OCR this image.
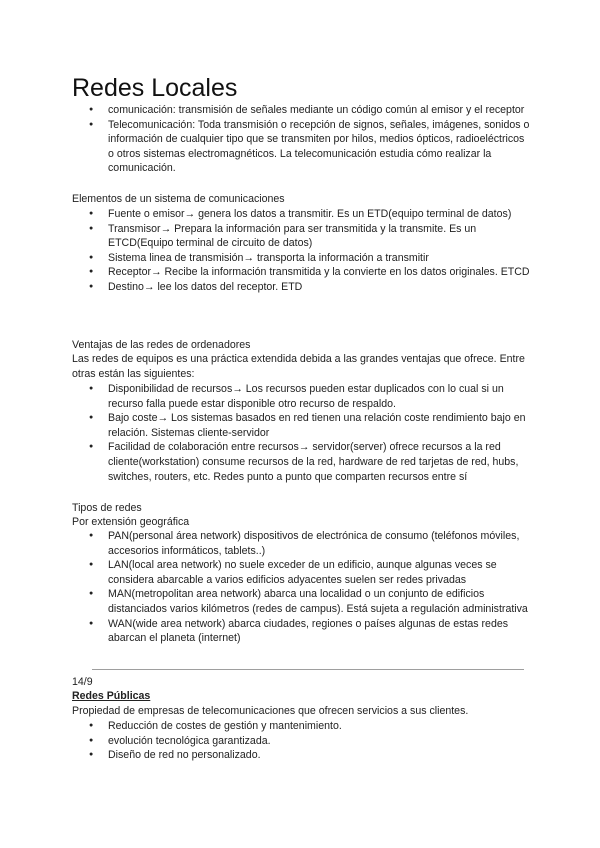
Redes Locales
● comunicación: transmisión de señales mediante un código común al emisor y el receptor
● Telecomunicación: Toda transmisión o recepción de signos, señales, imágenes, sonidos o información de cualquier tipo que se transmiten por hilos, medios ópticos, radioeléctricos o otros sistemas electromagnéticos. La telecomunicación estudia cómo realizar la comunicación.

Elementos de un sistema de comunicaciones

● Fuente o emisor→ genera los datos a transmitir. Es un ETD(equipo terminal de datos)
● Transmisor→ Prepara la información para ser transmitida y la transmite. Es un ETCD(Equipo terminal de circuito de datos)
● Sistema linea de transmisión→ transporta la información a transmitir
● Receptor→ Recibe la información transmitida y la convierte en los datos originales. ETCD
● Destino→ lee los datos del receptor. ETD

Ventajas de las redes de ordenadores

Las redes de equipos es una práctica extendida debida a las grandes ventajas que ofrece. Entre otras están las siguientes:

● Disponibilidad de recursos→ Los recursos pueden estar duplicados con lo cual si un recurso falla puede estar disponible otro recurso de respaldo.
● Bajo coste→ Los sistemas basados en red tienen una relación coste rendimiento bajo en relación. Sistemas cliente-servidor
● Facilidad de colaboración entre recursos→ servidor(server) ofrece recursos a la red cliente(workstation) consume recursos de la red, hardware de red tarjetas de red, hubs, switches, routers, etc. Redes punto a punto que comparten recursos entre sí

Tipos de redes

Por extensión geográfica

● PAN(personal área network) dispositivos de electrónica de consumo (teléfonos móviles, accesorios informáticos, tablets..)
● LAN(local area network) no suele exceder de un edificio, aunque algunas veces se considera abarcable a varios edificios adyacentes suelen ser redes privadas
● MAN(metropolitan area network) abarca una localidad o un conjunto de edificios distanciados varios kilómetros (redes de campus). Está sujeta a regulación administrativa
● WAN(wide area network) abarca ciudades, regiones o países algunas de estas redes abarcan el planeta (internet)

14/9

Redes Públicas

Propiedad de empresas de telecomunicaciones que ofrecen servicios a sus clientes.

● Reducción de costes de gestión y mantenimiento.
● evolución tecnológica garantizada.
● Diseño de red no personalizado.
